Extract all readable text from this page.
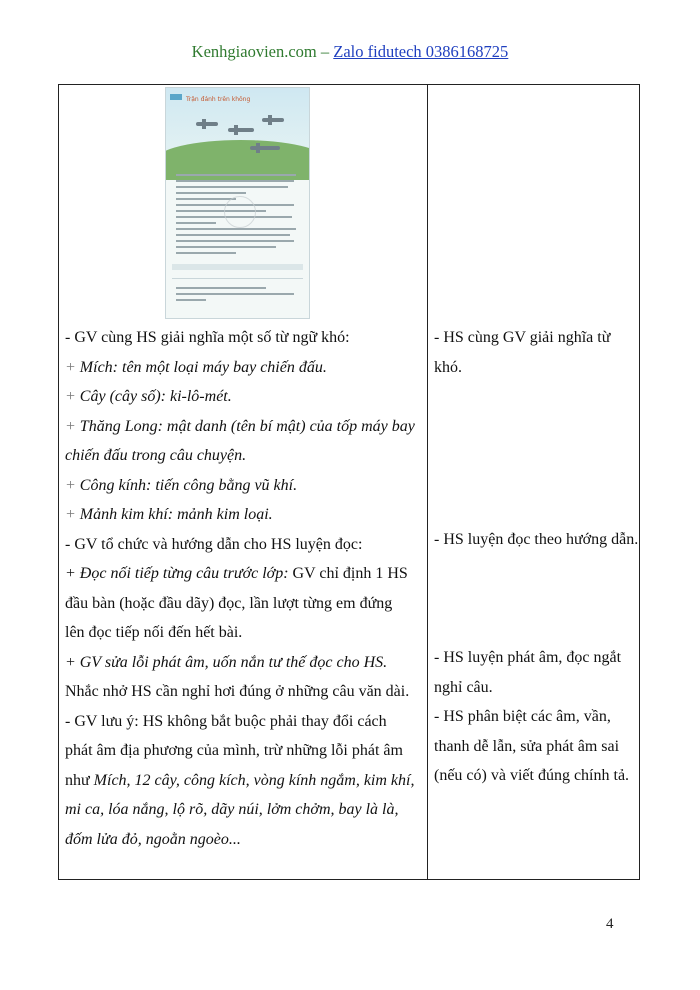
Kenhgiaovien.com – Zalo fidutech 0386168725
Trận đánh trên không

- GV cùng HS giải nghĩa một số từ ngữ khó:

+ Mích: tên một loại máy bay chiến đấu.

+ Cây (cây số): ki-lô-mét.

+ Thăng Long: mật danh (tên bí mật) của tốp máy bay chiến đấu trong câu chuyện.

+ Công kính: tiến công bằng vũ khí.

+ Mảnh kim khí: mảnh kim loại.

- GV tổ chức và hướng dẫn cho HS luyện đọc:

+ Đọc nối tiếp từng câu trước lớp: GV chỉ định 1 HS đầu bàn (hoặc đầu dãy) đọc, lần lượt từng em đứng lên đọc tiếp nối đến hết bài.

+ GV sửa lỗi phát âm, uốn nắn tư thế đọc cho HS. Nhắc nhở HS cần nghỉ hơi đúng ở những câu văn dài.

- GV lưu ý: HS không bắt buộc phải thay đổi cách phát âm địa phương của mình, trừ những lỗi phát âm như Mích, 12 cây, công kích, vòng kính ngắm, kim khí, mi ca, lóa nắng, lộ rõ, dãy núi, lởm chởm, bay là là, đốm lửa đỏ, ngoằn ngoèo...

- HS cùng GV giải nghĩa từ khó.
- HS luyện đọc theo hướng dẫn.
- HS luyện phát âm, đọc ngắt nghỉ câu.
- HS phân biệt các âm, vần, thanh dễ lẫn, sửa phát âm sai (nếu có) và viết đúng chính tả.
4
